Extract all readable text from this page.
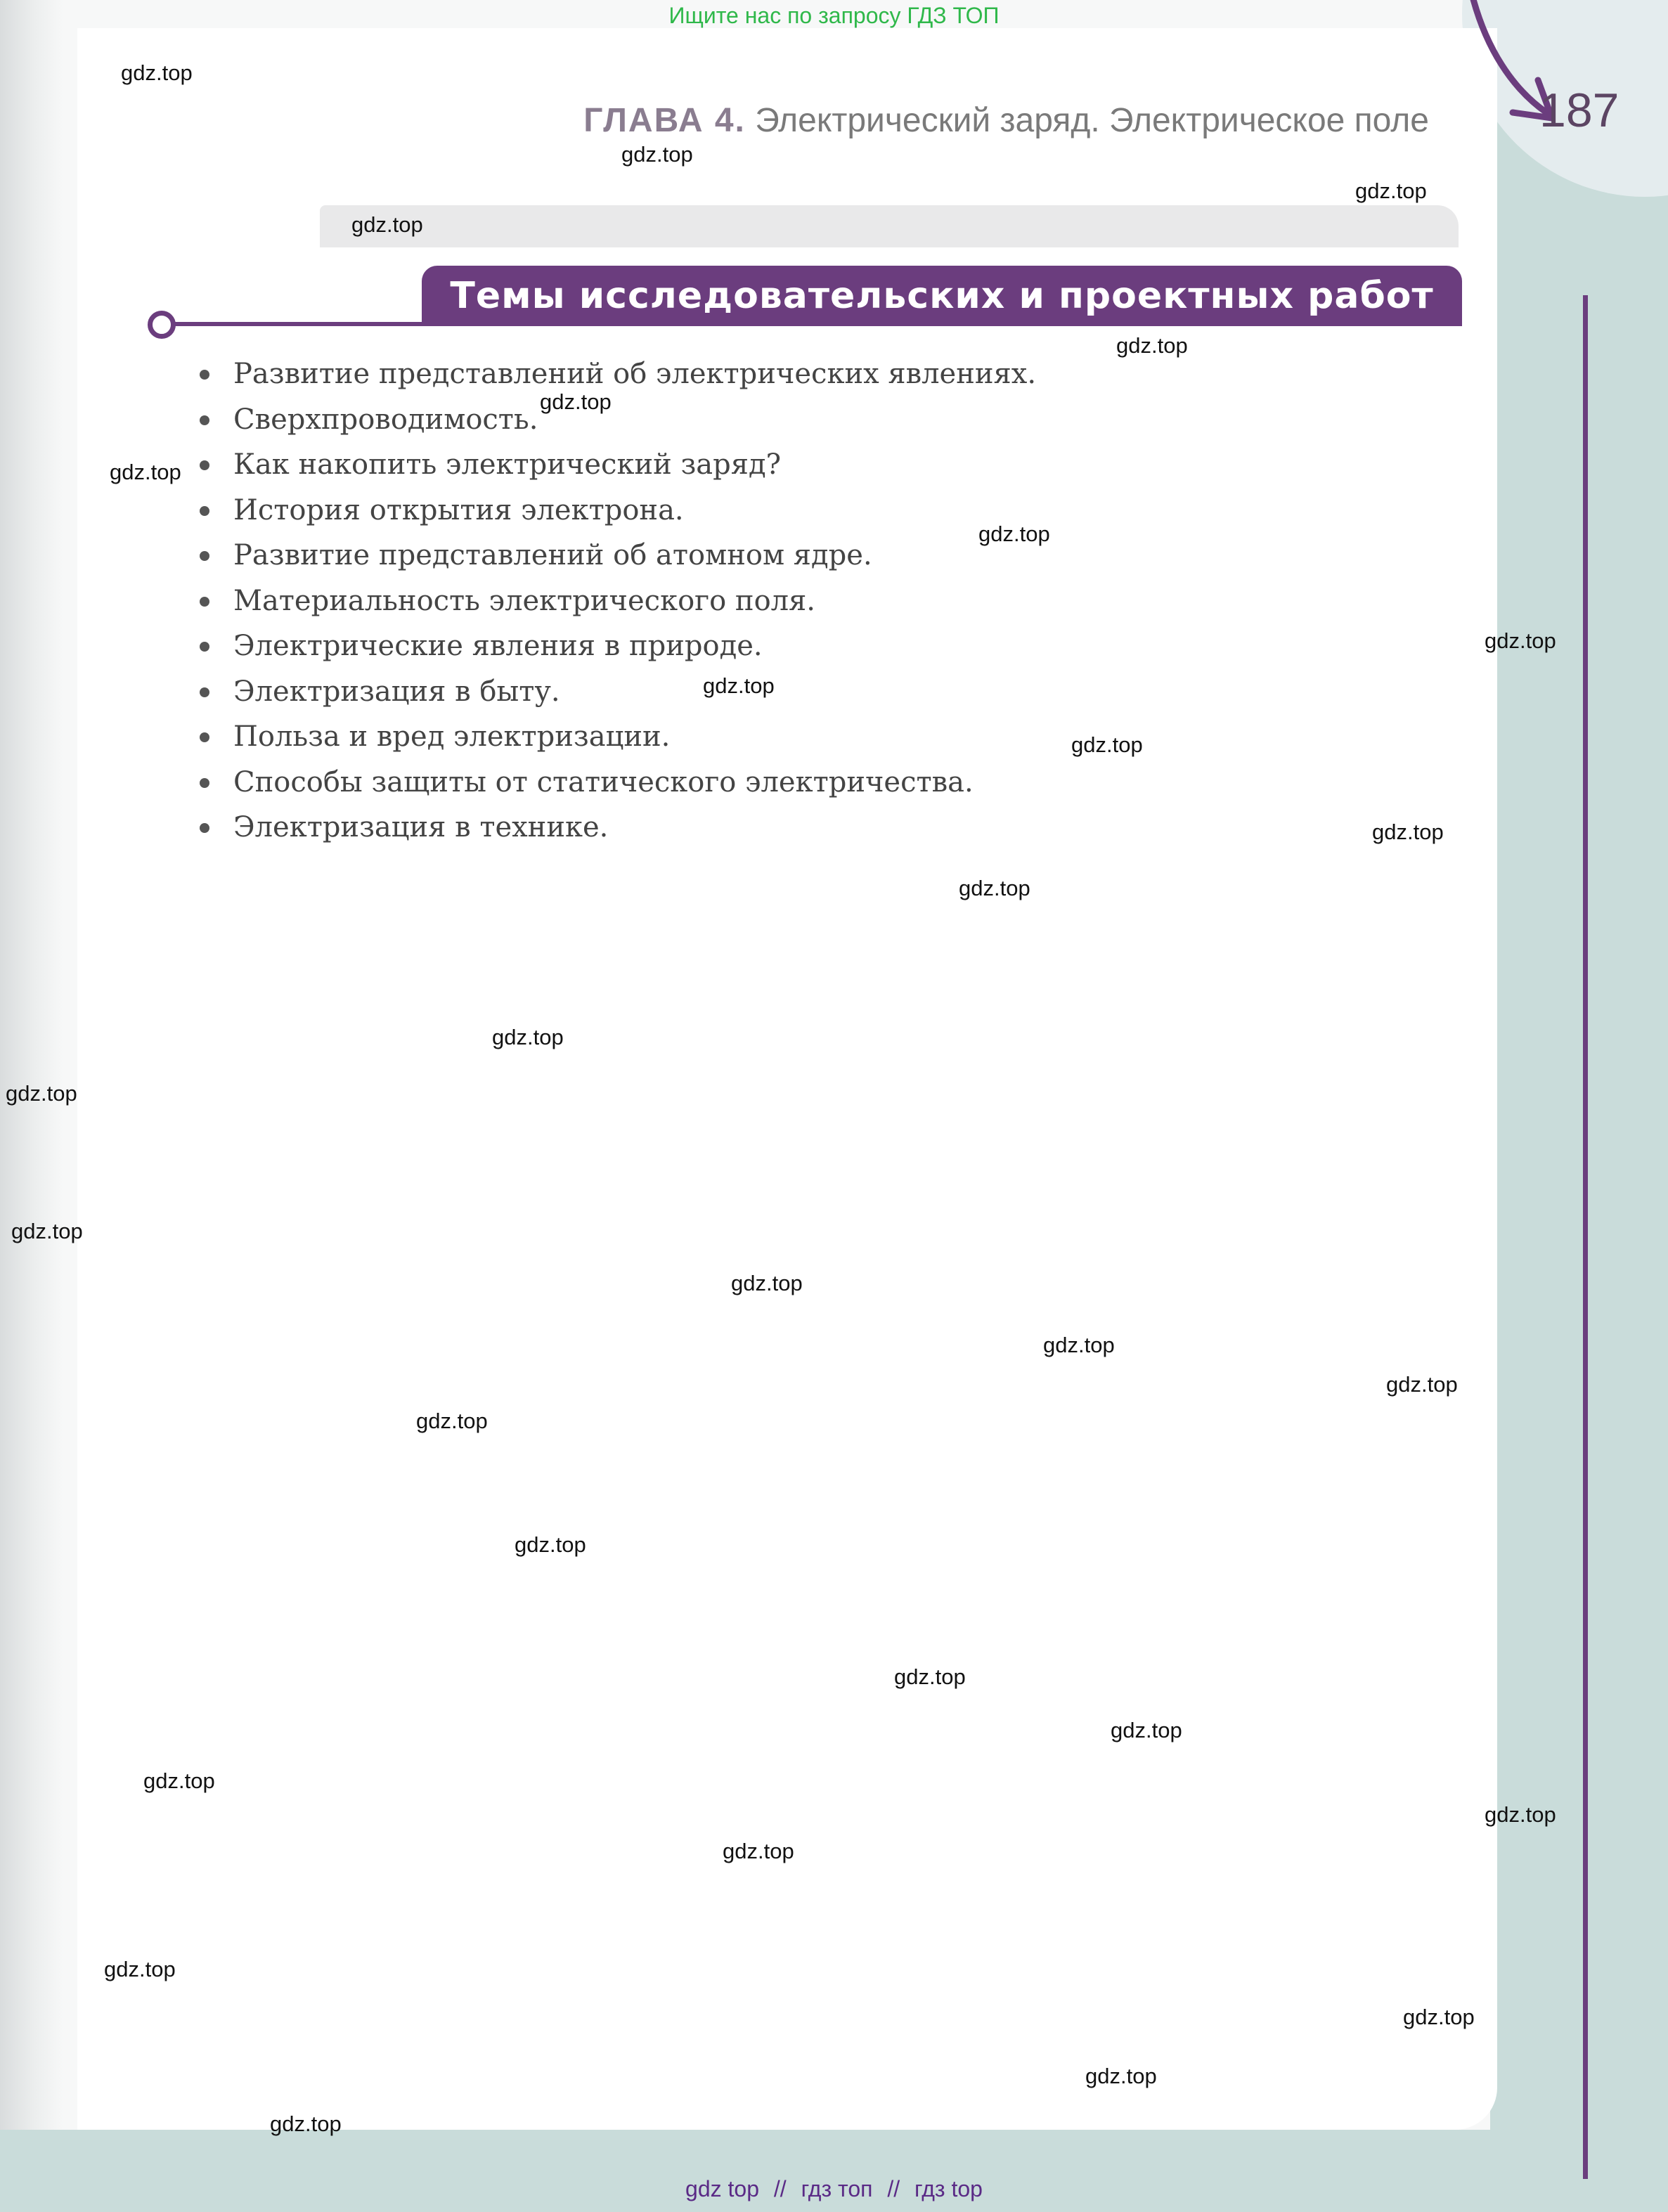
Ищите нас по запросу ГДЗ ТОП
187
ГЛАВА 4. Электрический заряд. Электрическое поле
Темы исследовательских и проектных работ
Развитие представлений об электрических явлениях.
Сверхпроводимость.
Как накопить электрический заряд?
История открытия электрона.
Развитие представлений об атомном ядре.
Материальность электрического поля.
Электрические явления в природе.
Электризация в быту.
Польза и вред электризации.
Способы защиты от статического электричества.
Электризация в технике.
gdz.top
gdz.top
gdz.top
gdz.top
gdz.top
gdz.top
gdz.top
gdz.top
gdz.top
gdz.top
gdz.top
gdz.top
gdz.top
gdz.top
gdz.top
gdz.top
gdz.top
gdz.top
gdz.top
gdz.top
gdz.top
gdz.top
gdz.top
gdz.top
gdz.top
gdz.top
gdz.top
gdz.top
gdz.top
gdz.top
gdz top // гдз топ // гдз top
